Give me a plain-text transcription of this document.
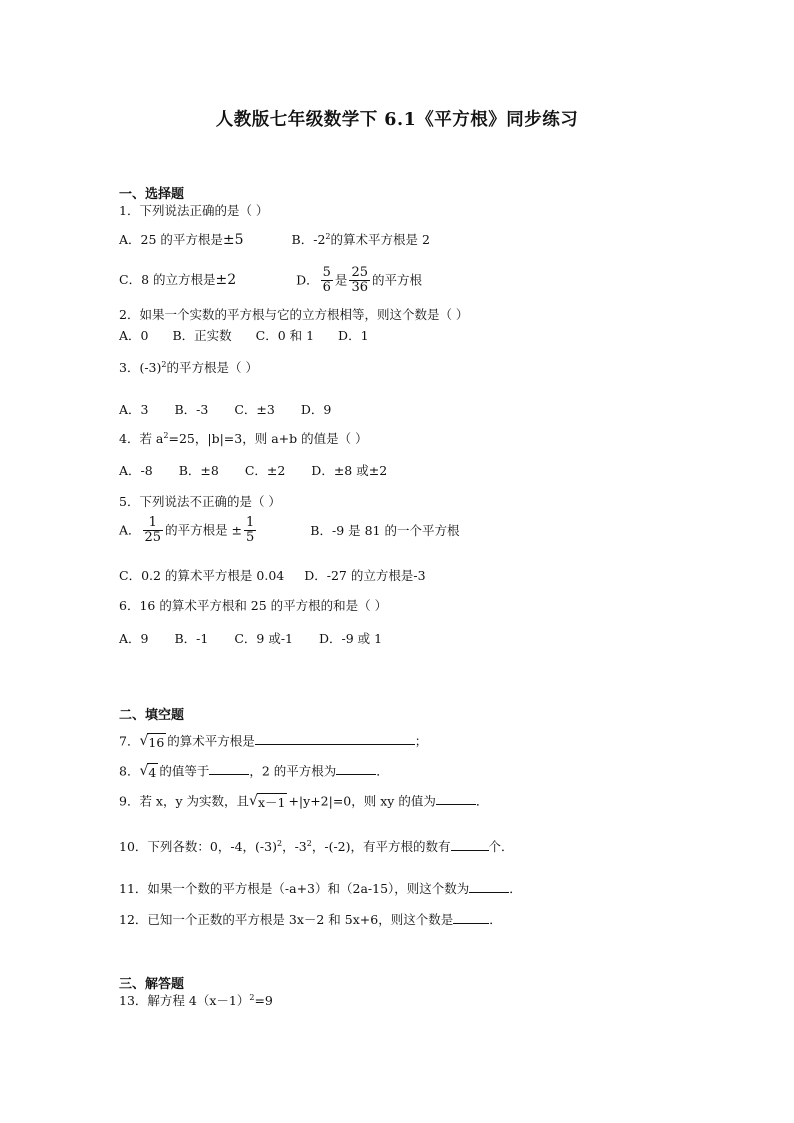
人教版七年级数学下 6.1《平方根》同步练习
一、选择题
1．下列说法正确的是（ ）
A．25 的平方根是±5	B．$-2^2$的算术平方根是 2
C．8 的立方根是±2	D． $\frac{5}{6}$ 是 $\frac{25}{36}$ 的平方根
2．如果一个实数的平方根与它的立方根相等，则这个数是（ ）
A．0 B．正实数 C．0 和 1 D．1
3．$(-3)^2$的平方根是（ ）
A．3 B．-3 C．±3 D．9
4．若 $a^2=25$，|b|=3，则 a+b 的值是（ ）
A．-8 B．±8 C．±2 D．±8 或±2
5．下列说法不正确的是（ ）
A． $\frac{1}{25}$ 的平方根是 ± $\frac{1}{5}$	B．-9 是 81 的一个平方根
C．0.2 的算术平方根是 0.04 D．-27 的立方根是-3
6．16 的算术平方根和 25 的平方根的和是（ ）
A．9 B．-1 C．9 或-1 D．-9 或 1
二、填空题
7．√16 的算术平方根是	；
8．√4 的值等于	，2 的平方根为	．
9．若 x，y 为实数，且√x－1 +|y+2|=0，则 xy 的值为	．
10．下列各数：0，-4，$(-3)^2$，$-3^2$，-(-2)，有平方根的数有	个．
11．如果一个数的平方根是（-a+3）和（2a-15），则这个数为	．
12．已知一个正数的平方根是 3x－2 和 5x+6，则这个数是	．
三、解答题
13．解方程 $4(x-1)^2=9$
